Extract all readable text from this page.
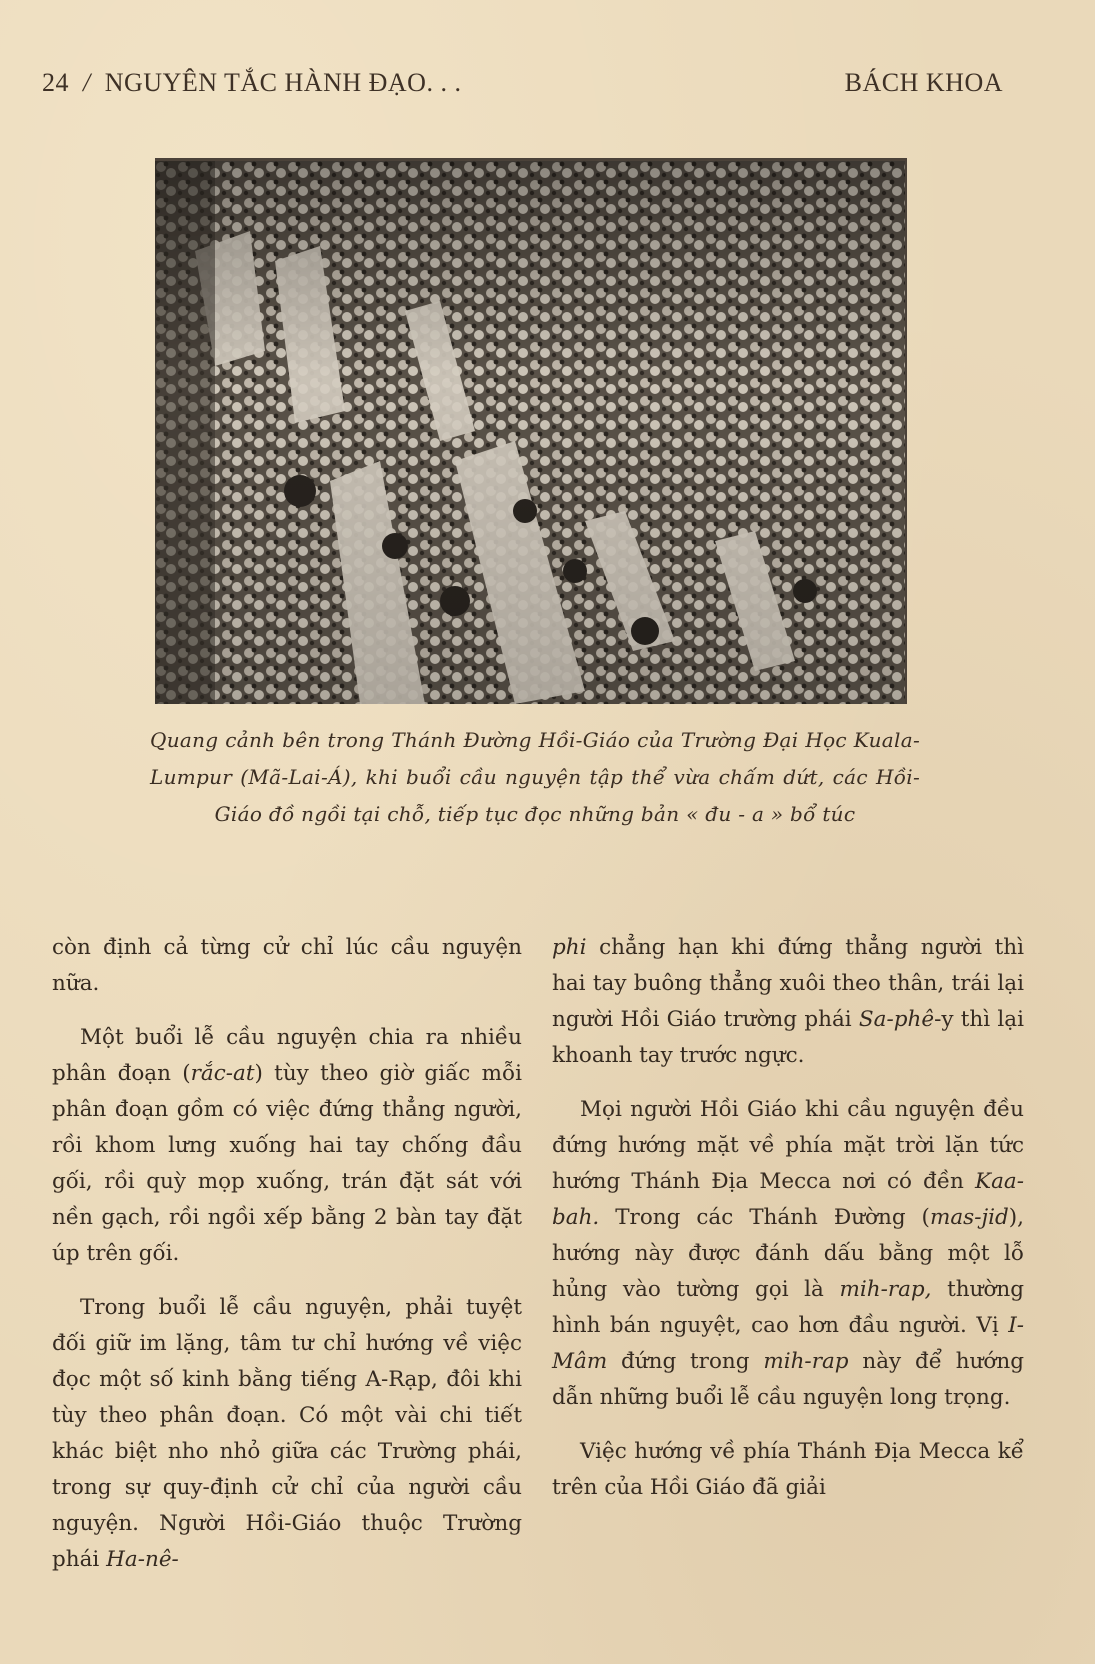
24 / NGUYÊN TẮC HÀNH ĐẠO. . .	BÁCH KHOA
Quang cảnh bên trong Thánh Đường Hồi-Giáo của Trường Đại Học Kuala-Lumpur (Mã-Lai-Á), khi buổi cầu nguyện tập thể vừa chấm dứt, các Hồi-Giáo đồ ngồi tại chỗ, tiếp tục đọc những bản « đu - a » bổ túc

còn định cả từng cử chỉ lúc cầu nguyện nữa.

Một buổi lễ cầu nguyện chia ra nhiều phân đoạn (rắc-at) tùy theo giờ giấc mỗi phân đoạn gồm có việc đứng thẳng người, rồi khom lưng xuống hai tay chống đầu gối, rồi quỳ mọp xuống, trán đặt sát với nền gạch, rồi ngồi xếp bằng 2 bàn tay đặt úp trên gối.

Trong buổi lễ cầu nguyện, phải tuyệt đối giữ im lặng, tâm tư chỉ hướng về việc đọc một số kinh bằng tiếng A-Rạp, đôi khi tùy theo phân đoạn. Có một vài chi tiết khác biệt nho nhỏ giữa các Trường phái, trong sự quy-định cử chỉ của người cầu nguyện. Người Hồi-Giáo thuộc Trường phái Ha-nê-

phi chẳng hạn khi đứng thẳng người thì hai tay buông thẳng xuôi theo thân, trái lại người Hồi Giáo trường phái Sa-phê-y thì lại khoanh tay trước ngực.

Mọi người Hồi Giáo khi cầu nguyện đều đứng hướng mặt về phía mặt trời lặn tức hướng Thánh Địa Mecca nơi có đền Kaa-bah. Trong các Thánh Đường (mas-jid), hướng này được đánh dấu bằng một lỗ hủng vào tường gọi là mih-rap, thường hình bán nguyệt, cao hơn đầu người. Vị I-Mâm đứng trong mih-rap này để hướng dẫn những buổi lễ cầu nguyện long trọng.

Việc hướng về phía Thánh Địa Mecca kể trên của Hồi Giáo đã giải
